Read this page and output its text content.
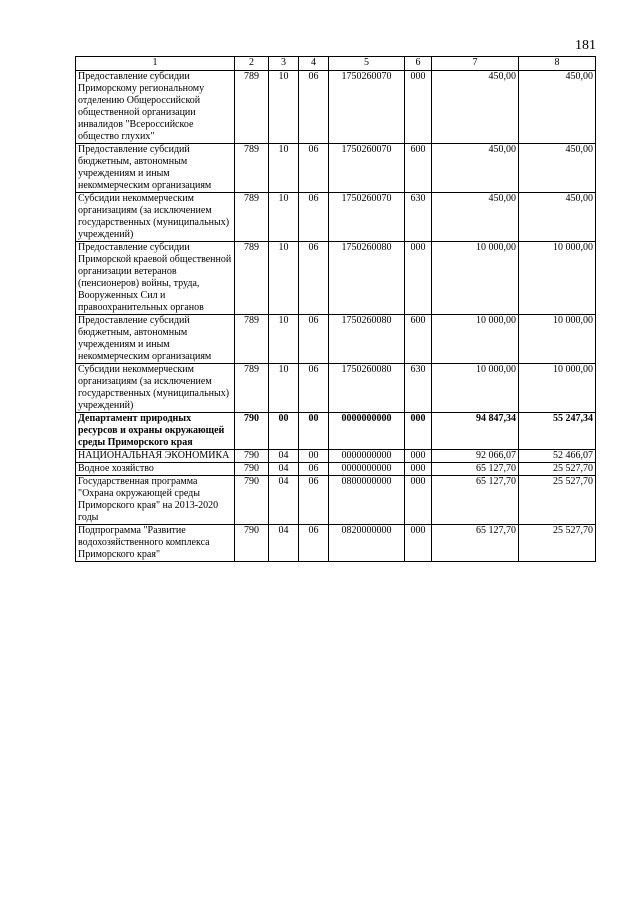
181
1	2	3	4	5	6	7	8
Предоставление субсидии Приморскому региональному отделению Общероссийской общественной организации инвалидов "Всероссийское общество глухих"	789	10	06	1750260070	000	450,00	450,00
Предоставление субсидий бюджетным, автономным учреждениям и иным некоммерческим организациям	789	10	06	1750260070	600	450,00	450,00
Субсидии некоммерческим организациям (за исключением государственных (муниципальных) учреждений)	789	10	06	1750260070	630	450,00	450,00
Предоставление субсидии Приморской краевой общественной организации ветеранов (пенсионеров) войны, труда, Вооруженных Сил и правоохранительных органов	789	10	06	1750260080	000	10 000,00	10 000,00
Предоставление субсидий бюджетным, автономным учреждениям и иным некоммерческим организациям	789	10	06	1750260080	600	10 000,00	10 000,00
Субсидии некоммерческим организациям (за исключением государственных (муниципальных) учреждений)	789	10	06	1750260080	630	10 000,00	10 000,00
Департамент природных ресурсов и охраны окружающей среды Приморского края	790	00	00	0000000000	000	94 847,34	55 247,34
НАЦИОНАЛЬНАЯ ЭКОНОМИКА	790	04	00	0000000000	000	92 066,07	52 466,07
Водное хозяйство	790	04	06	0000000000	000	65 127,70	25 527,70
Государственная программа "Охрана окружающей среды Приморского края" на 2013-2020 годы	790	04	06	0800000000	000	65 127,70	25 527,70
Подпрограмма "Развитие водохозяйственного комплекса Приморского края"	790	04	06	0820000000	000	65 127,70	25 527,70
